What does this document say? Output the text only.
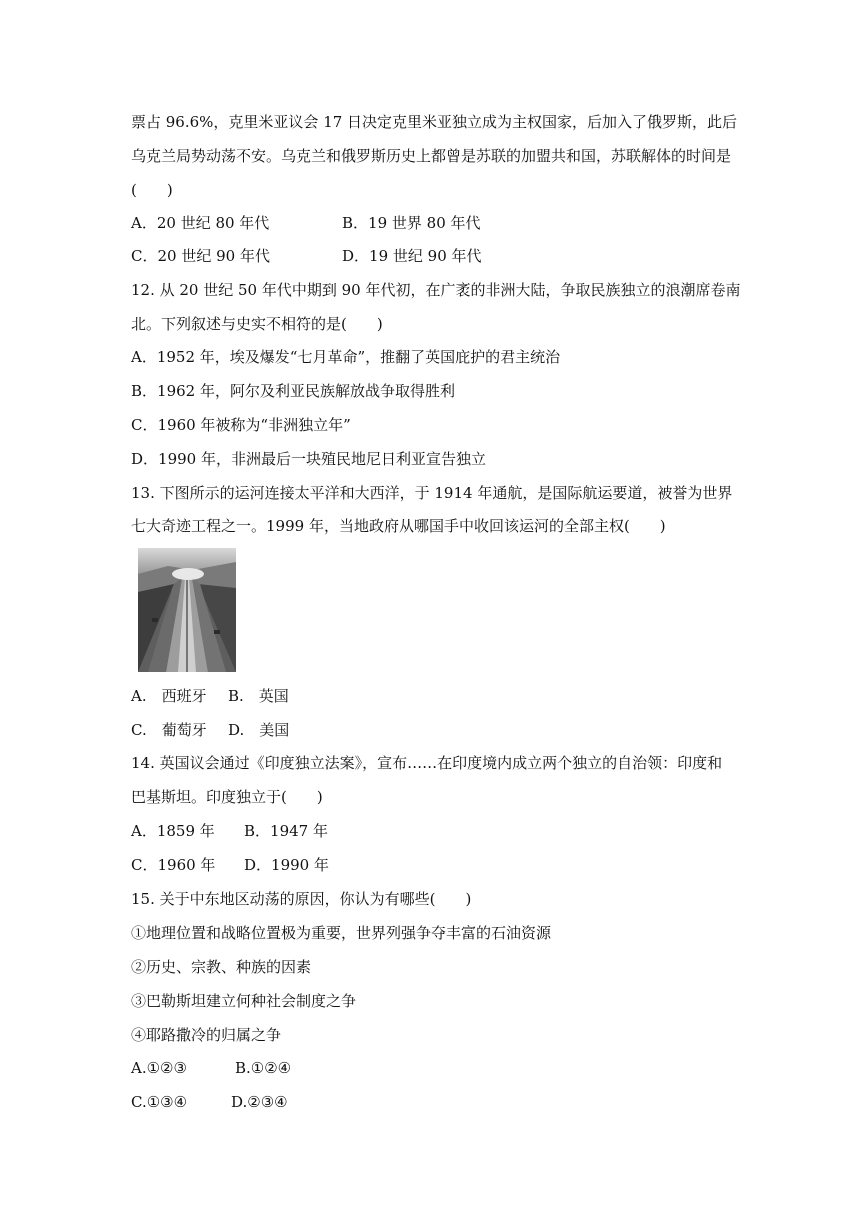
票占 96.6%，克里米亚议会 17 日决定克里米亚独立成为主权国家，后加入了俄罗斯，此后
乌克兰局势动荡不安。乌克兰和俄罗斯历史上都曾是苏联的加盟共和国，苏联解体的时间是
(　　)
A．20 世纪 80 年代	B．19 世界 80 年代
C．20 世纪 90 年代	D．19 世纪 90 年代
12. 从 20 世纪 50 年代中期到 90 年代初，在广袤的非洲大陆，争取民族独立的浪潮席卷南
北。下列叙述与史实不相符的是(　　)
A．1952 年，埃及爆发“七月革命”，推翻了英国庇护的君主统治
B．1962 年，阿尔及利亚民族解放战争取得胜利
C．1960 年被称为“非洲独立年”
D．1990 年，非洲最后一块殖民地尼日利亚宣告独立
13. 下图所示的运河连接太平洋和大西洋，于 1914 年通航，是国际航运要道，被誉为世界
七大奇迹工程之一。1999 年，当地政府从哪国手中收回该运河的全部主权(　　)
A.　西班牙 B.　英国
C.　葡萄牙 D.　美国
14. 英国议会通过《印度独立法案》，宣布……在印度境内成立两个独立的自治领：印度和
巴基斯坦。印度独立于(　　)
A．1859 年 B．1947 年
C．1960 年 D．1990 年
15. 关于中东地区动荡的原因，你认为有哪些(　　)
①地理位置和战略位置极为重要，世界列强争夺丰富的石油资源
②历史、宗教、种族的因素
③巴勒斯坦建立何种社会制度之争
④耶路撒冷的归属之争
A.①②③	B.①②④
C.①③④	D.②③④
